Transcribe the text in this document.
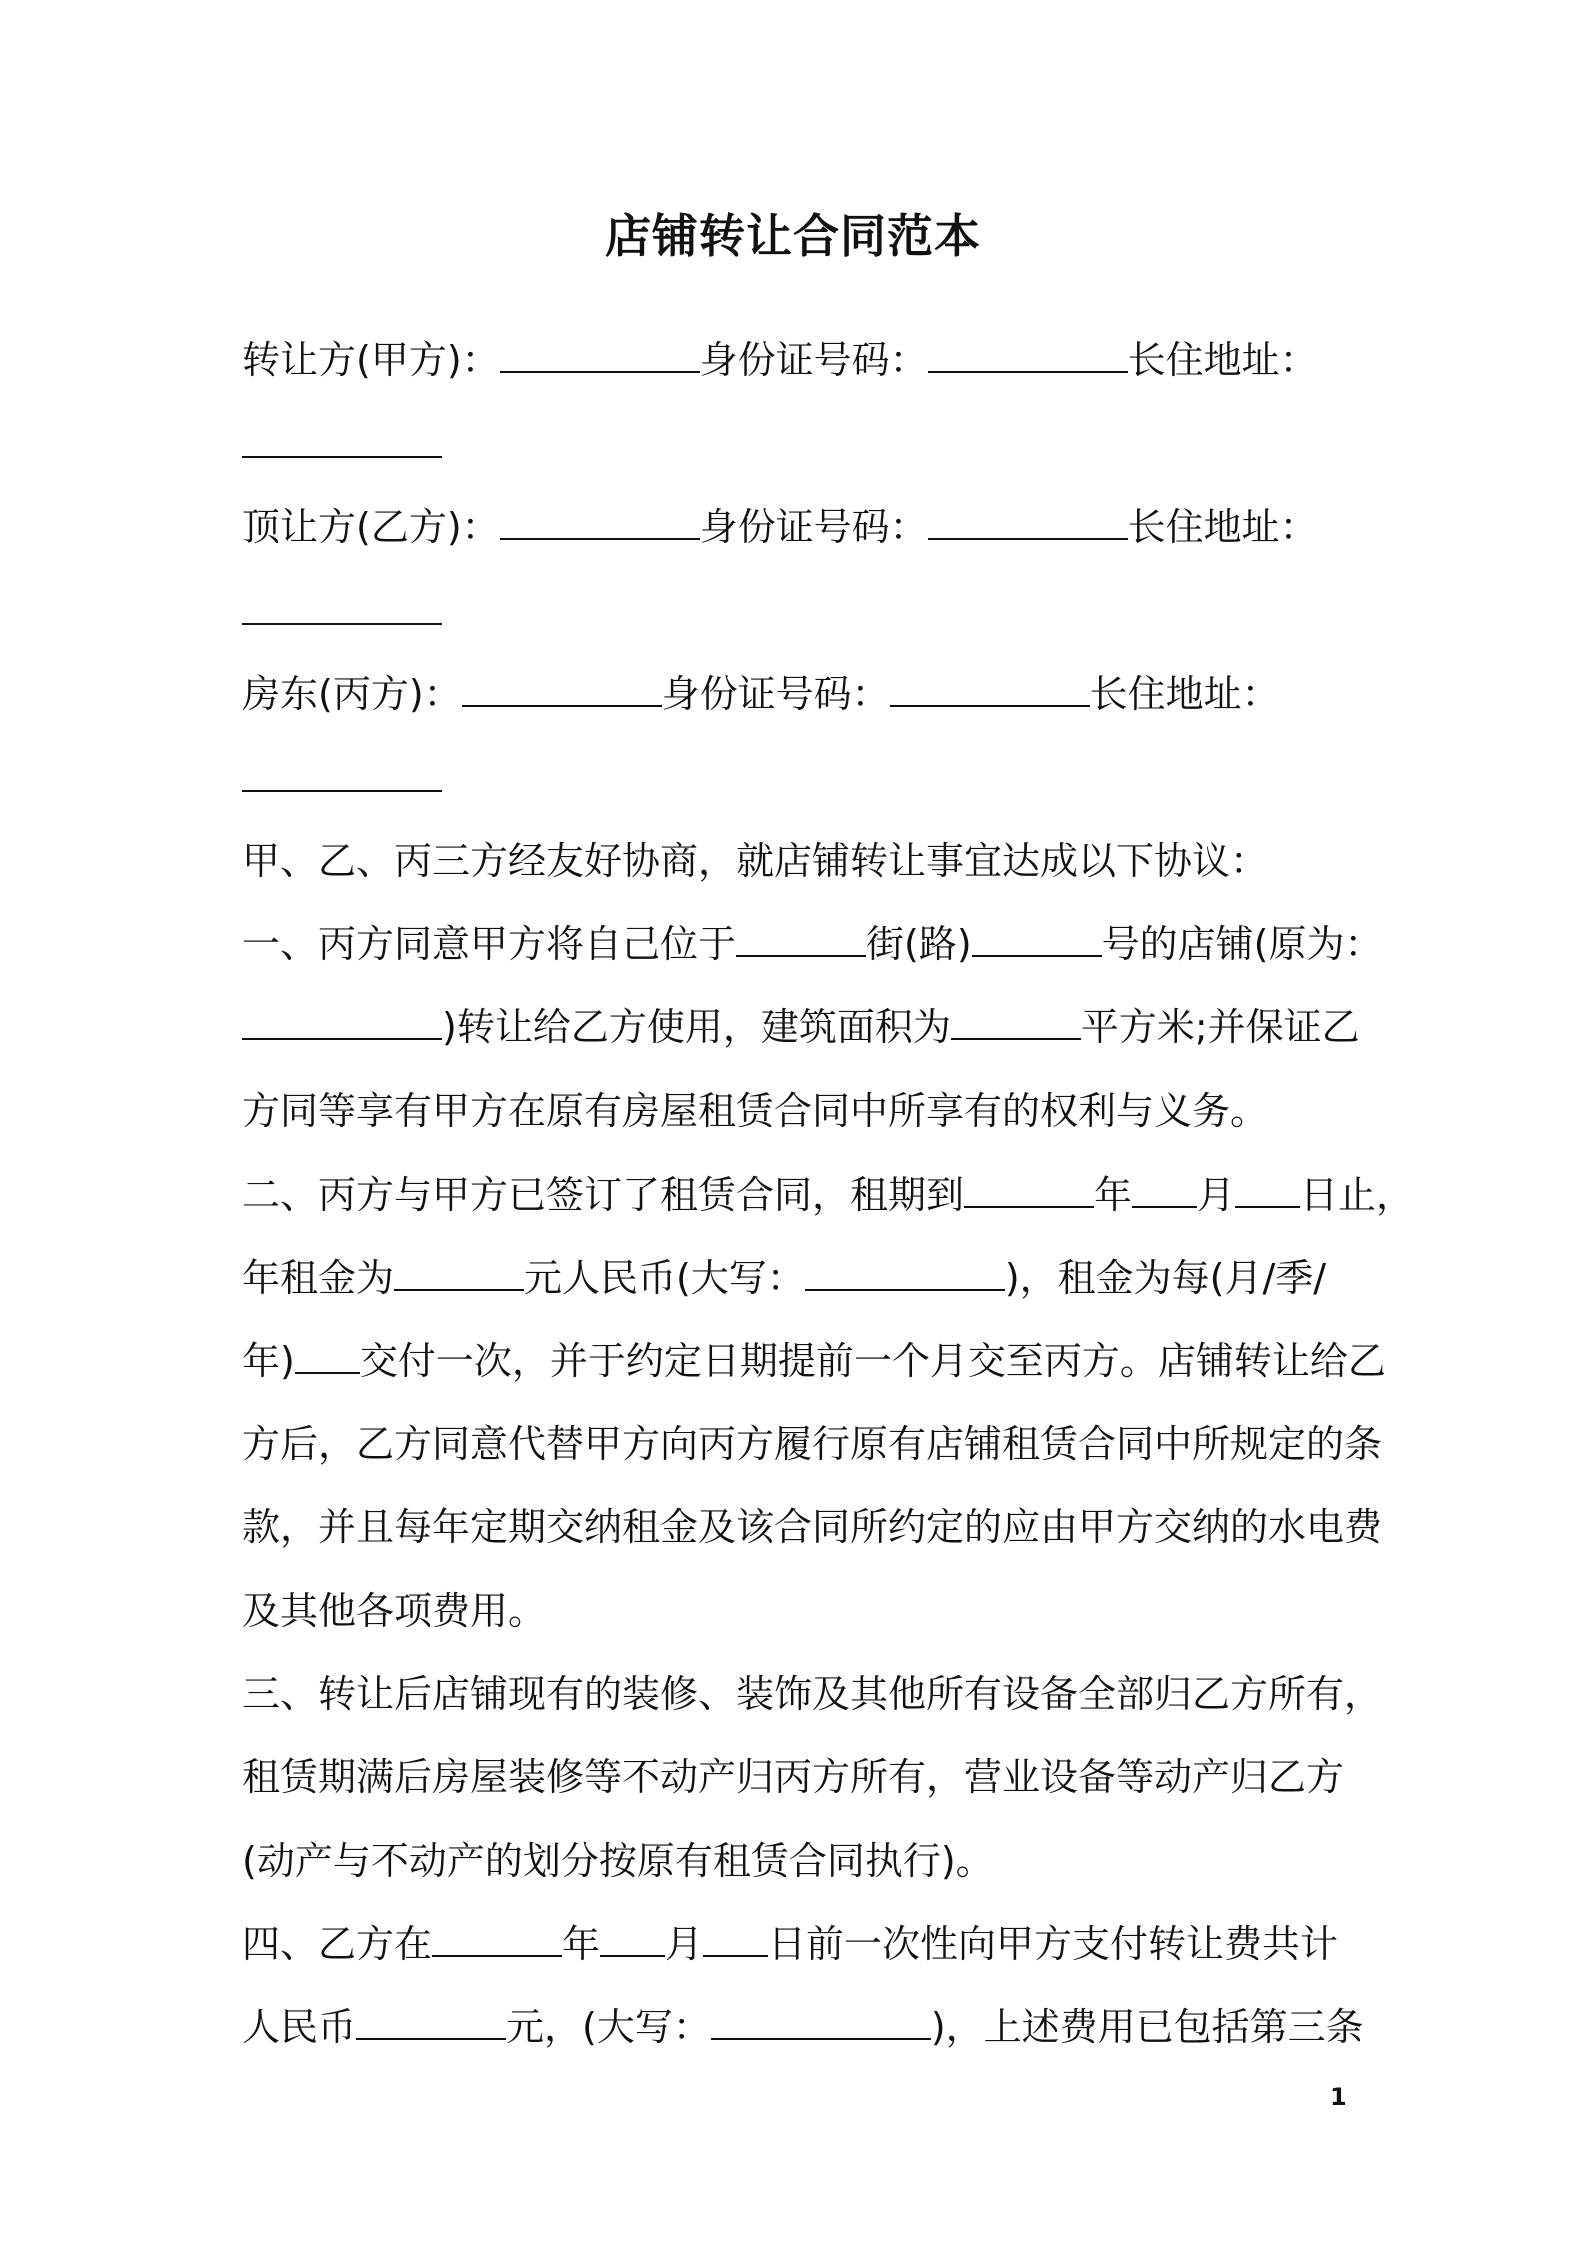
店铺转让合同范本
转让方(甲方)：	身份证号码：	长住地址：
顶让方(乙方)：	身份证号码：	长住地址：
房东(丙方)：	身份证号码：	长住地址：
甲、乙、丙三方经友好协商，就店铺转让事宜达成以下协议：
一、丙方同意甲方将自己位于	街(路)	号的店铺(原为：
)转让给乙方使用，建筑面积为	平方米;并保证乙
方同等享有甲方在原有房屋租赁合同中所享有的权利与义务。
二、丙方与甲方已签订了租赁合同，租期到	年 月 日止，
年租金为	元人民币(大写：	)，租金为每(月/季/
年) 交付一次，并于约定日期提前一个月交至丙方。店铺转让给乙
方后，乙方同意代替甲方向丙方履行原有店铺租赁合同中所规定的条
款，并且每年定期交纳租金及该合同所约定的应由甲方交纳的水电费
及其他各项费用。
三、转让后店铺现有的装修、装饰及其他所有设备全部归乙方所有，
租赁期满后房屋装修等不动产归丙方所有，营业设备等动产归乙方
(动产与不动产的划分按原有租赁合同执行)。
四、乙方在	年 月 日前一次性向甲方支付转让费共计
人民币	元，(大写：	)，上述费用已包括第三条
1
